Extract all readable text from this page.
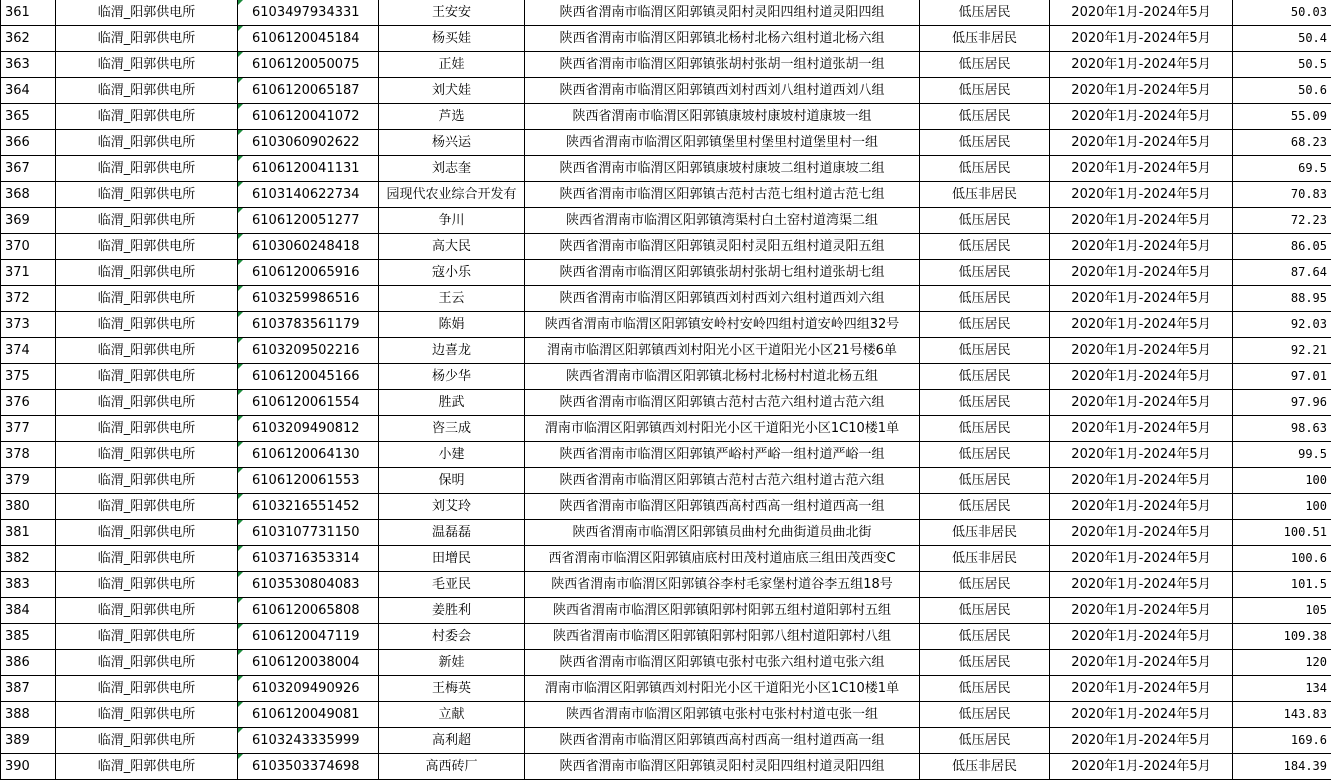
361	临渭_阳郭供电所	6103497934331	王安安	陕西省渭南市临渭区阳郭镇灵阳村灵阳四组村道灵阳四组	低压居民	2020年1月-2024年5月	50.03
362	临渭_阳郭供电所	6106120045184	杨买娃	陕西省渭南市临渭区阳郭镇北杨村北杨六组村道北杨六组	低压非居民	2020年1月-2024年5月	50.4
363	临渭_阳郭供电所	6106120050075	正娃	陕西省渭南市临渭区阳郭镇张胡村张胡一组村道张胡一组	低压居民	2020年1月-2024年5月	50.5
364	临渭_阳郭供电所	6106120065187	刘犬娃	陕西省渭南市临渭区阳郭镇西刘村西刘八组村道西刘八组	低压居民	2020年1月-2024年5月	50.6
365	临渭_阳郭供电所	6106120041072	芦选	陕西省渭南市临渭区阳郭镇康坡村康坡村道康坡一组	低压居民	2020年1月-2024年5月	55.09
366	临渭_阳郭供电所	6103060902622	杨兴运	陕西省渭南市临渭区阳郭镇堡里村堡里村道堡里村一组	低压居民	2020年1月-2024年5月	68.23
367	临渭_阳郭供电所	6106120041131	刘志奎	陕西省渭南市临渭区阳郭镇康坡村康坡二组村道康坡二组	低压居民	2020年1月-2024年5月	69.5
368	临渭_阳郭供电所	6103140622734	园现代农业综合开发有	陕西省渭南市临渭区阳郭镇古范村古范七组村道古范七组	低压非居民	2020年1月-2024年5月	70.83
369	临渭_阳郭供电所	6106120051277	争川	陕西省渭南市临渭区阳郭镇湾渠村白土窑村道湾渠二组	低压居民	2020年1月-2024年5月	72.23
370	临渭_阳郭供电所	6103060248418	高大民	陕西省渭南市临渭区阳郭镇灵阳村灵阳五组村道灵阳五组	低压居民	2020年1月-2024年5月	86.05
371	临渭_阳郭供电所	6106120065916	寇小乐	陕西省渭南市临渭区阳郭镇张胡村张胡七组村道张胡七组	低压居民	2020年1月-2024年5月	87.64
372	临渭_阳郭供电所	6103259986516	王云	陕西省渭南市临渭区阳郭镇西刘村西刘六组村道西刘六组	低压居民	2020年1月-2024年5月	88.95
373	临渭_阳郭供电所	6103783561179	陈娟	陕西省渭南市临渭区阳郭镇安岭村安岭四组村道安岭四组32号	低压居民	2020年1月-2024年5月	92.03
374	临渭_阳郭供电所	6103209502216	边喜龙	渭南市临渭区阳郭镇西刘村阳光小区干道阳光小区21号楼6单	低压居民	2020年1月-2024年5月	92.21
375	临渭_阳郭供电所	6106120045166	杨少华	陕西省渭南市临渭区阳郭镇北杨村北杨村村道北杨五组	低压居民	2020年1月-2024年5月	97.01
376	临渭_阳郭供电所	6106120061554	胜武	陕西省渭南市临渭区阳郭镇古范村古范六组村道古范六组	低压居民	2020年1月-2024年5月	97.96
377	临渭_阳郭供电所	6103209490812	咨三成	渭南市临渭区阳郭镇西刘村阳光小区干道阳光小区1C10楼1单	低压居民	2020年1月-2024年5月	98.63
378	临渭_阳郭供电所	6106120064130	小建	陕西省渭南市临渭区阳郭镇严峪村严峪一组村道严峪一组	低压居民	2020年1月-2024年5月	99.5
379	临渭_阳郭供电所	6106120061553	保明	陕西省渭南市临渭区阳郭镇古范村古范六组村道古范六组	低压居民	2020年1月-2024年5月	100
380	临渭_阳郭供电所	6103216551452	刘艾玲	陕西省渭南市临渭区阳郭镇西高村西高一组村道西高一组	低压居民	2020年1月-2024年5月	100
381	临渭_阳郭供电所	6103107731150	温磊磊	陕西省渭南市临渭区阳郭镇员曲村允曲街道员曲北街	低压非居民	2020年1月-2024年5月	100.51
382	临渭_阳郭供电所	6103716353314	田增民	西省渭南市临渭区阳郭镇庙底村田茂村道庙底三组田茂西变C	低压非居民	2020年1月-2024年5月	100.6
383	临渭_阳郭供电所	6103530804083	毛亚民	陕西省渭南市临渭区阳郭镇谷李村毛家堡村道谷李五组18号	低压居民	2020年1月-2024年5月	101.5
384	临渭_阳郭供电所	6106120065808	姜胜利	陕西省渭南市临渭区阳郭镇阳郭村阳郭五组村道阳郭村五组	低压居民	2020年1月-2024年5月	105
385	临渭_阳郭供电所	6106120047119	村委会	陕西省渭南市临渭区阳郭镇阳郭村阳郭八组村道阳郭村八组	低压居民	2020年1月-2024年5月	109.38
386	临渭_阳郭供电所	6106120038004	新娃	陕西省渭南市临渭区阳郭镇屯张村屯张六组村道屯张六组	低压居民	2020年1月-2024年5月	120
387	临渭_阳郭供电所	6103209490926	王梅英	渭南市临渭区阳郭镇西刘村阳光小区干道阳光小区1C10楼1单	低压居民	2020年1月-2024年5月	134
388	临渭_阳郭供电所	6106120049081	立献	陕西省渭南市临渭区阳郭镇屯张村屯张村村道屯张一组	低压居民	2020年1月-2024年5月	143.83
389	临渭_阳郭供电所	6103243335999	高利超	陕西省渭南市临渭区阳郭镇西高村西高一组村道西高一组	低压居民	2020年1月-2024年5月	169.6
390	临渭_阳郭供电所	6103503374698	高西砖厂	陕西省渭南市临渭区阳郭镇灵阳村灵阳四组村道灵阳四组	低压非居民	2020年1月-2024年5月	184.39
